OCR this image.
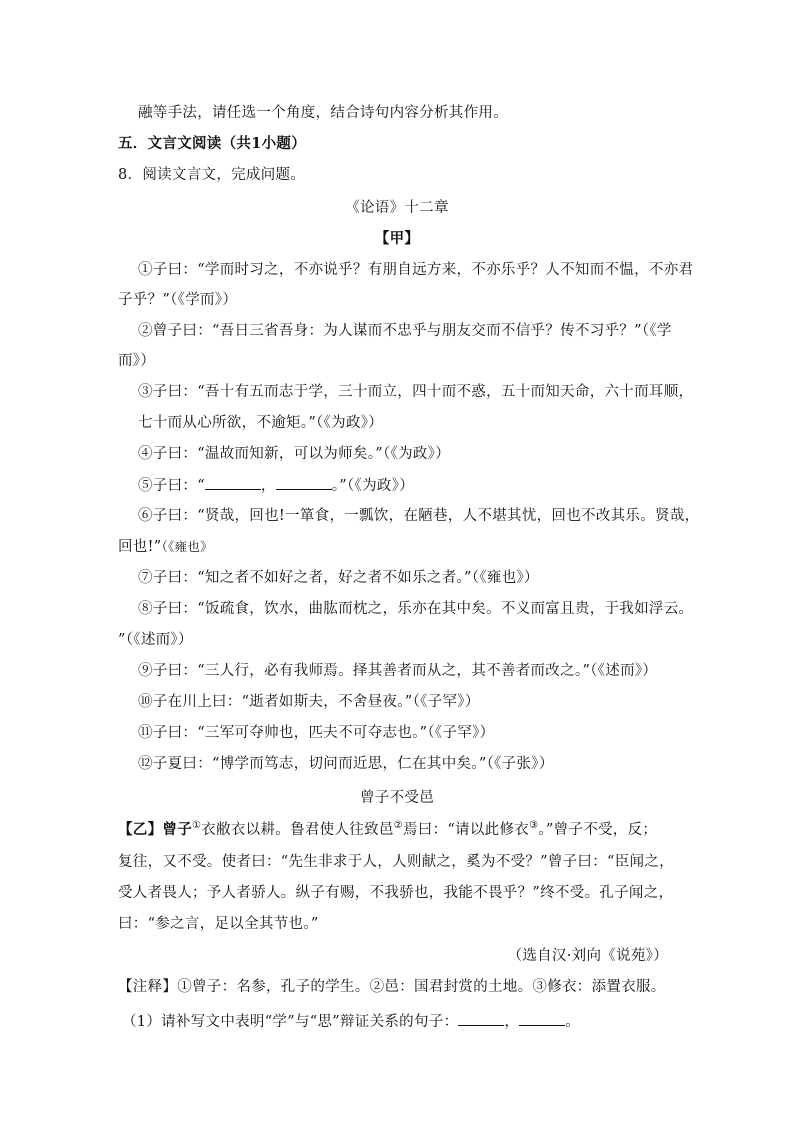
融等手法，请任选一个角度，结合诗句内容分析其作用。
五．文言文阅读（共1小题）
8．阅读文言文，完成问题。
《论语》十二章
【甲】
①子曰：“学而时习之，不亦说乎？有朋自远方来，不亦乐乎？人不知而不愠，不亦君
子乎？”（《学而》）
②曾子曰：“吾日三省吾身：为人谋而不忠乎与朋友交而不信乎？传不习乎？”（《学
而》）
③子曰：“吾十有五而志于学，三十而立，四十而不惑，五十而知天命，六十而耳顺，
七十而从心所欲，不逾矩。”（《为政》）
④子曰：“温故而知新，可以为师矣。”（《为政》）
⑤子曰：“	，	。”（《为政》）
⑥子曰：“贤哉，回也!一箪食，一瓢饮，在陋巷，人不堪其忧，回也不改其乐。贤哉，
回也!”（《雍也》
⑦子曰：“知之者不如好之者，好之者不如乐之者。”（《雍也》）
⑧子曰：“饭疏食，饮水，曲肱而枕之，乐亦在其中矣。不义而富且贵，于我如浮云。
”（《述而》）
⑨子曰：“三人行，必有我师焉。择其善者而从之，其不善者而改之。”（《述而》）
⑩子在川上曰：“逝者如斯夫，不舍昼夜。”（《子罕》）
⑪子曰：“三军可夺帅也，匹夫不可夺志也。”（《子罕》）
⑫子夏曰：“博学而笃志，切问而近思，仁在其中矣。”（《子张》）
曾子不受邑
【乙】曾子①衣敝衣以耕。鲁君使人往致邑②焉曰：“请以此修衣③。”曾子不受，反；
复往，又不受。使者曰：“先生非求于人，人则献之，奚为不受？”曾子曰：“臣闻之，
受人者畏人；予人者骄人。纵子有赐，不我骄也，我能不畏乎？”终不受。孔子闻之，
曰：“参之言，足以全其节也。”
（选自汉·刘向《说苑》）
【注释】①曾子：名参，孔子的学生。②邑：国君封赏的土地。③修衣：添置衣服。
（1）请补写文中表明“学”与“思”辩证关系的句子：	，	。
